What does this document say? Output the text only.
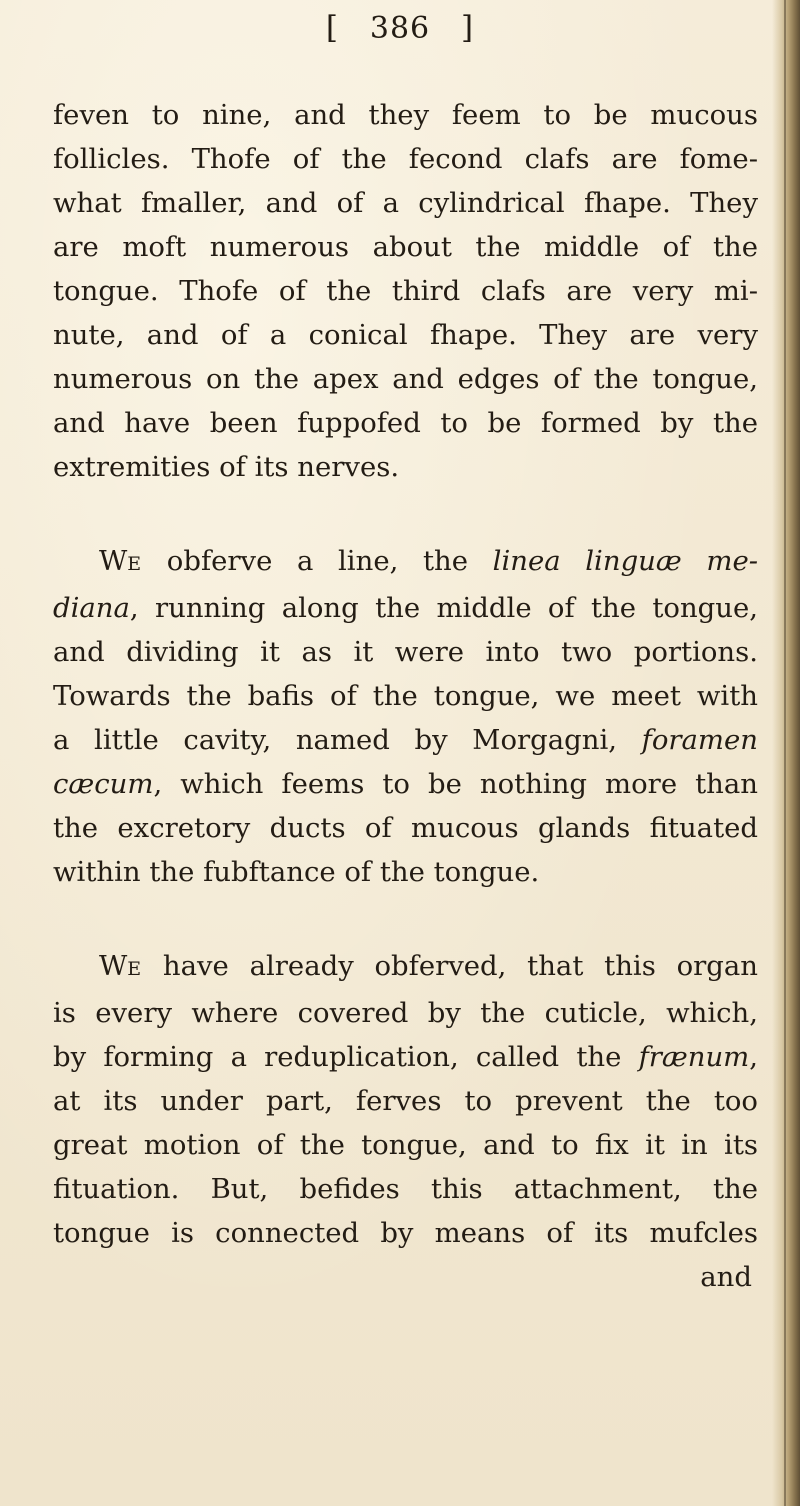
[ 386 ]
feven to nine, and they feem to be mucous
follicles. Thofe of the fecond clafs are fome-
what fmaller, and of a cylindrical fhape. They
are moft numerous about the middle of the
tongue. Thofe of the third clafs are very mi-
nute, and of a conical fhape. They are very
numerous on the apex and edges of the tongue,
and have been fuppofed to be formed by the
extremities of its nerves.
WE obferve a line, the linea linguæ me-
diana, running along the middle of the tongue,
and dividing it as it were into two portions.
Towards the bafis of the tongue, we meet with
a little cavity, named by Morgagni, foramen
cæcum, which feems to be nothing more than
the excretory ducts of mucous glands fituated
within the fubftance of the tongue.
WE have already obferved, that this organ
is every where covered by the cuticle, which,
by forming a reduplication, called the frænum,
at its under part, ferves to prevent the too
great motion of the tongue, and to fix it in its
fituation. But, befides this attachment, the
tongue is connected by means of its mufcles
and
